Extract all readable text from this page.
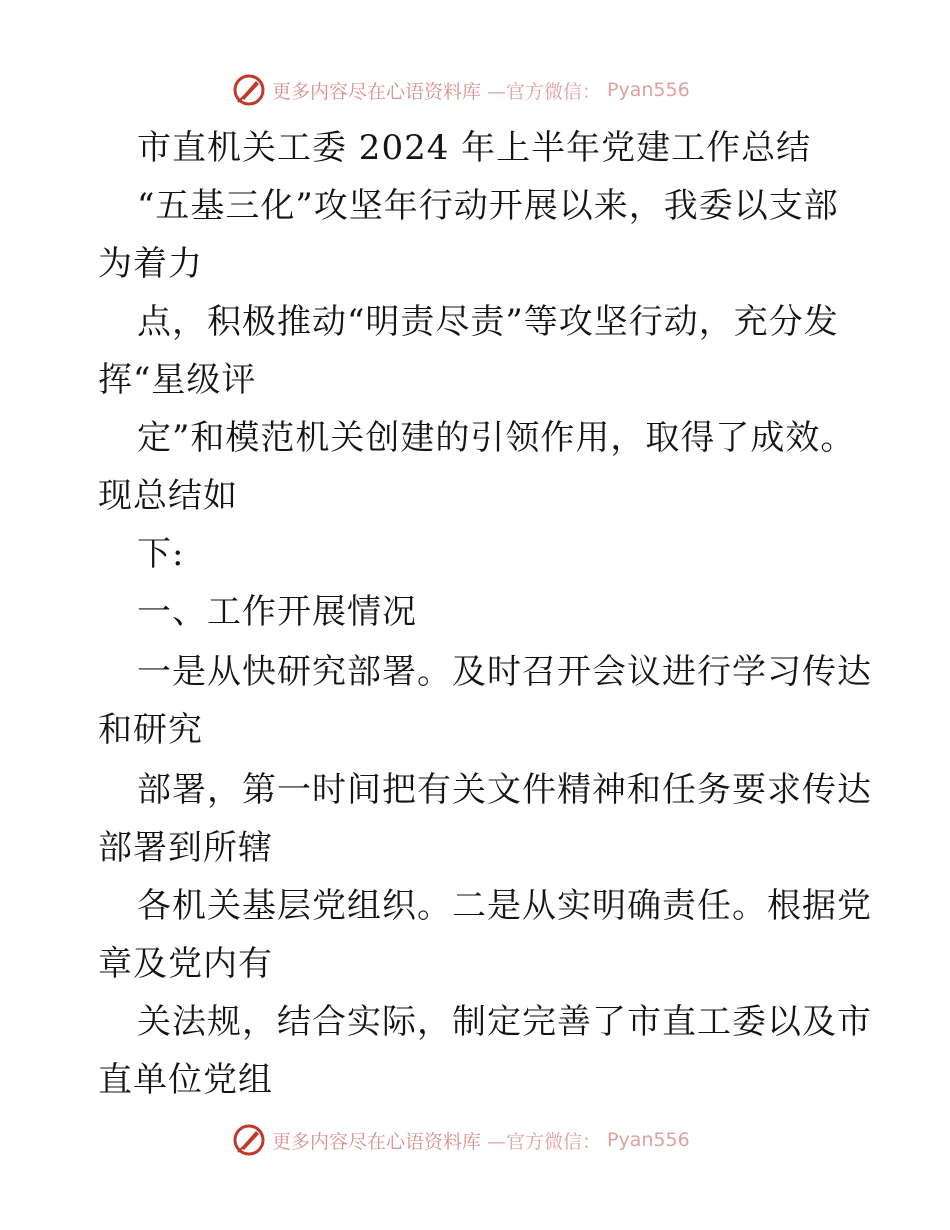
更多内容尽在心语资料库 —官方微信： Pyan556
市直机关工委 2024 年上半年党建工作总结
“五基三化”攻坚年行动开展以来，我委以支部
为着力
点，积极推动“明责尽责”等攻坚行动，充分发
挥“星级评
定”和模范机关创建的引领作用，取得了成效。
现总结如
下:
一、工作开展情况
一是从快研究部署。及时召开会议进行学习传达
和研究
部署，第一时间把有关文件精神和任务要求传达
部署到所辖
各机关基层党组织。二是从实明确责任。根据党
章及党内有
关法规，结合实际，制定完善了市直工委以及市
直单位党组
更多内容尽在心语资料库 —官方微信： Pyan556
